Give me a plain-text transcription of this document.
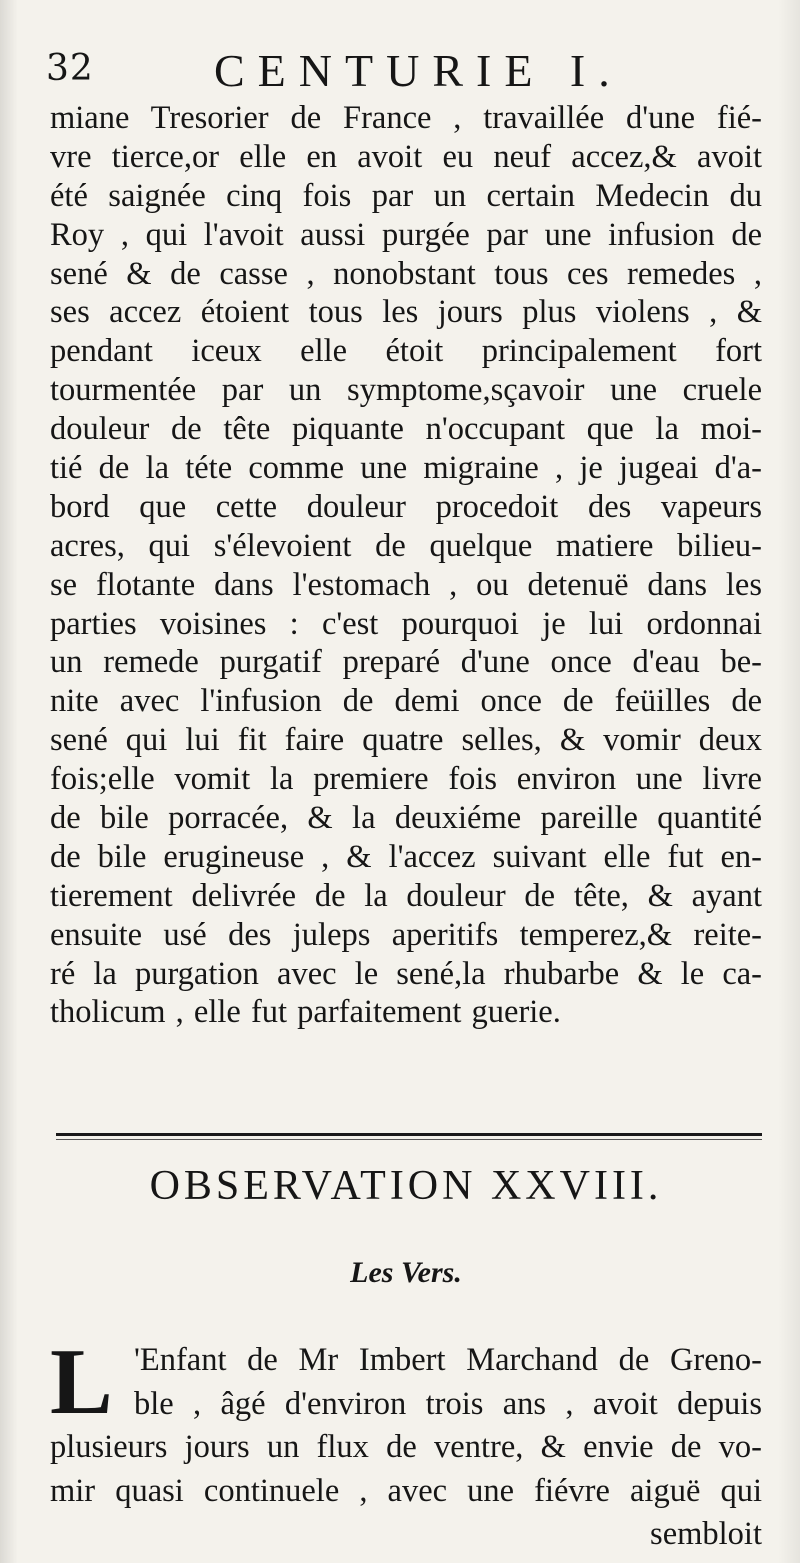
32	CENTURIE I.
miane Tresorier de France , travaillée d'une fié-
vre tierce,or elle en avoit eu neuf accez,& avoit
été saignée cinq fois par un certain Medecin du
Roy , qui l'avoit aussi purgée par une infusion de
sené & de casse , nonobstant tous ces remedes ,
ses accez étoient tous les jours plus violens , &
pendant iceux elle étoit principalement fort
tourmentée par un symptome,sçavoir une cruele
douleur de tête piquante n'occupant que la moi-
tié de la téte comme une migraine , je jugeai d'a-
bord que cette douleur procedoit des vapeurs
acres, qui s'élevoient de quelque matiere bilieu-
se flotante dans l'estomach , ou detenuë dans les
parties voisines : c'est pourquoi je lui ordonnai
un remede purgatif preparé d'une once d'eau be-
nite avec l'infusion de demi once de feüilles de
sené qui lui fit faire quatre selles, & vomir deux
fois;elle vomit la premiere fois environ une livre
de bile porracée, & la deuxiéme pareille quantité
de bile erugineuse , & l'accez suivant elle fut en-
tierement delivrée de la douleur de tête, & ayant
ensuite usé des juleps aperitifs temperez,& reite-
ré la purgation avec le sené,la rhubarbe & le ca-
tholicum , elle fut parfaitement guerie.
OBSERVATION XXVIII.
Les Vers.
L 'Enfant de Mr Imbert Marchand de Greno-
ble , âgé d'environ trois ans , avoit depuis
plusieurs jours un flux de ventre, & envie de vo-
mir quasi continuele , avec une fiévre aiguë qui
sembloit
